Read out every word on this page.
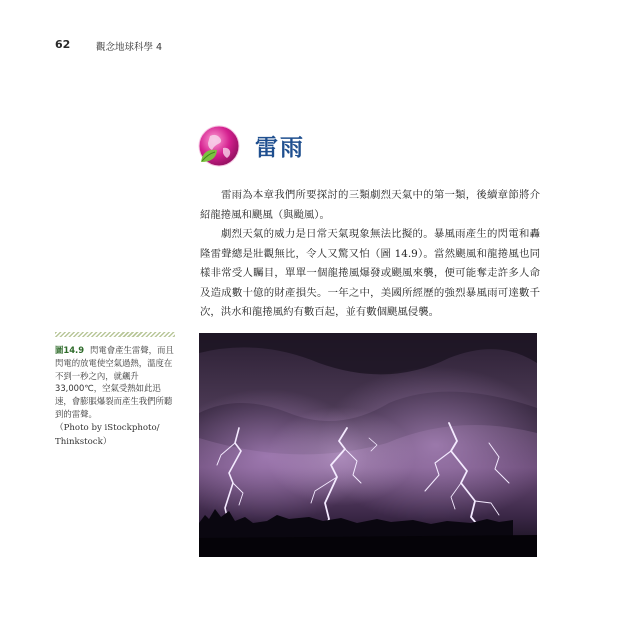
62	觀念地球科學 4
雷雨

雷雨為本章我們所要探討的三類劇烈天氣中的第一類，後續章節將介紹龍捲風和颶風（與颱風）。

劇烈天氣的威力是日常天氣現象無法比擬的。暴風雨產生的閃電和轟隆雷聲總是壯觀無比，令人又驚又怕（圖 14.9）。當然颶風和龍捲風也同樣非常受人矚目，單單一個龍捲風爆發或颶風來襲，便可能奪走許多人命及造成數十億的財產損失。一年之中，美國所經歷的強烈暴風雨可達數千次，洪水和龍捲風約有數百起，並有數個颶風侵襲。

圖14.9 閃電會產生雷聲，而且閃電的放電使空氣過熱，溫度在不到一秒之內，就飆升33,000℃，空氣受熱如此迅速，會膨脹爆裂而產生我們所聽到的雷聲。
（Photo by iStockphoto/ Thinkstock）
